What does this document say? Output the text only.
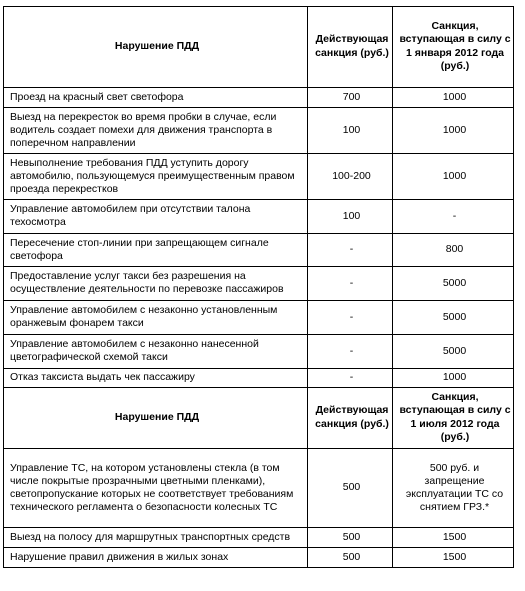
Нарушение ПДД	Действующая санкция (руб.)	Санкция, вступающая в силу с 1 января 2012 года (руб.)
Проезд на красный свет светофора	700	1000
Выезд на перекресток во время пробки в случае, если водитель создает помехи для движения транспорта в поперечном направлении	100	1000
Невыполнение требования ПДД уступить дорогу автомобилю, пользующемуся преимущественным правом проезда перекрестков	100-200	1000
Управление автомобилем при отсутствии талона техосмотра	100	-
Пересечение стоп-линии при запрещающем сигнале светофора	-	800
Предоставление услуг такси без разрешения на осуществление деятельности по перевозке пассажиров	-	5000
Управление автомобилем с незаконно установленным оранжевым фонарем такси	-	5000
Управление автомобилем с незаконно нанесенной цветографической схемой такси	-	5000
Отказ таксиста выдать чек пассажиру	-	1000
Нарушение ПДД	Действующая санкция (руб.)	Санкция, вступающая в силу с 1 июля 2012 года (руб.)
Управление ТС, на котором установлены стекла (в том числе покрытые прозрачными цветными пленками), светопропускание которых не соответствует требованиям технического регламента о безопасности колесных ТС	500	500 руб. и запрещение эксплуатации ТС со снятием ГРЗ.*
Выезд на полосу для маршрутных транспортных средств	500	1500
Нарушение правил движения в жилых зонах	500	1500
